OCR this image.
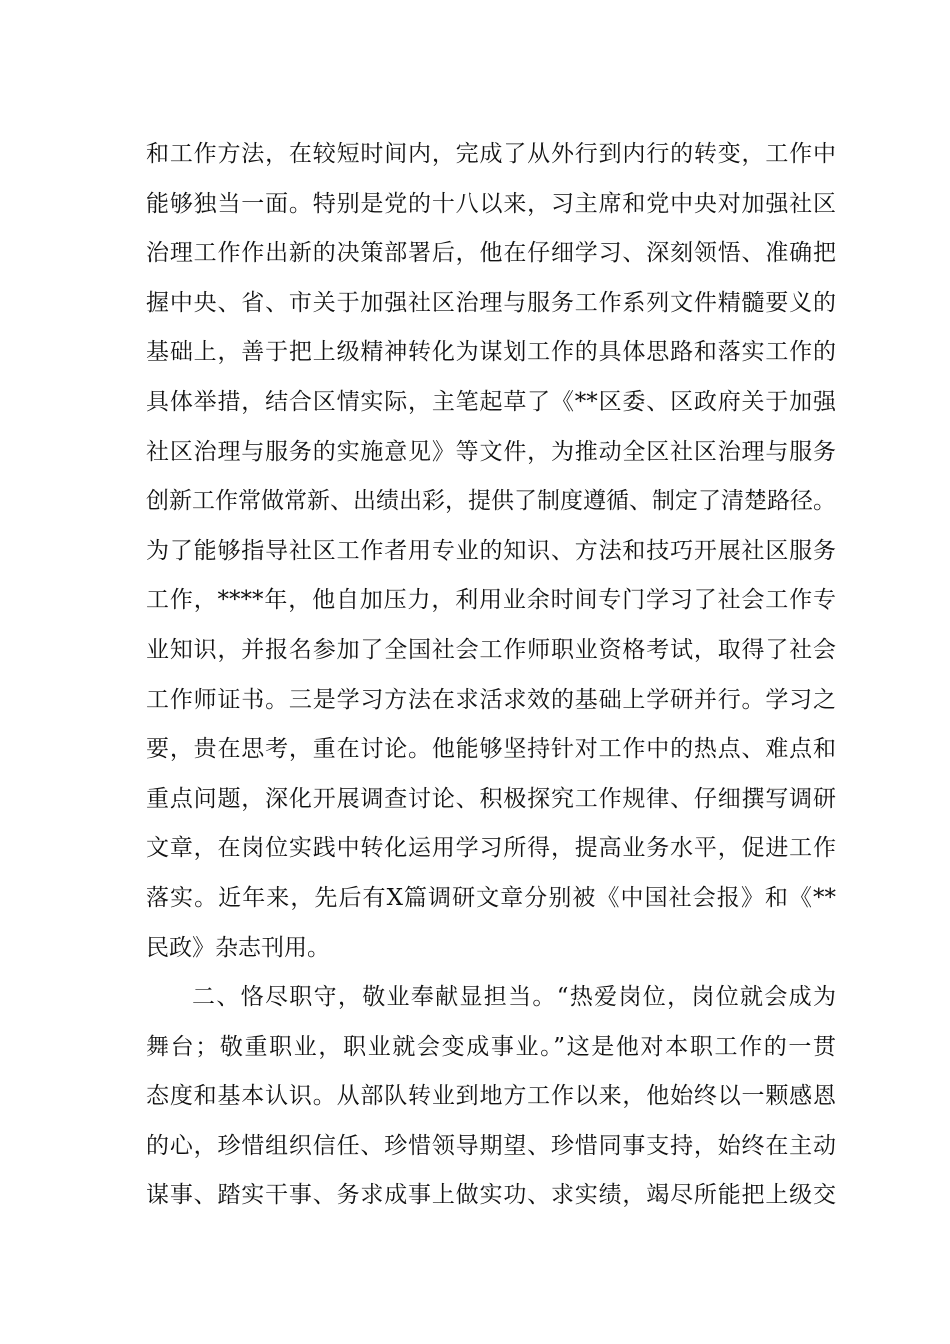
和工作方法，在较短时间内，完成了从外行到内行的转变，工作中
能够独当一面。特别是党的十八以来，习主席和党中央对加强社区
治理工作作出新的决策部署后，他在仔细学习、深刻领悟、准确把
握中央、省、市关于加强社区治理与服务工作系列文件精髓要义的
基础上，善于把上级精神转化为谋划工作的具体思路和落实工作的
具体举措，结合区情实际，主笔起草了《**区委、区政府关于加强
社区治理与服务的实施意见》等文件，为推动全区社区治理与服务
创新工作常做常新、出绩出彩，提供了制度遵循、制定了清楚路径。
为了能够指导社区工作者用专业的知识、方法和技巧开展社区服务
工作，****年，他自加压力，利用业余时间专门学习了社会工作专
业知识，并报名参加了全国社会工作师职业资格考试，取得了社会
工作师证书。三是学习方法在求活求效的基础上学研并行。学习之
要，贵在思考，重在讨论。他能够坚持针对工作中的热点、难点和
重点问题，深化开展调查讨论、积极探究工作规律、仔细撰写调研
文章，在岗位实践中转化运用学习所得，提高业务水平，促进工作
落实。近年来，先后有X篇调研文章分别被《中国社会报》和《**
民政》杂志刊用。
二、恪尽职守，敬业奉献显担当。“热爱岗位，岗位就会成为
舞台；敬重职业，职业就会变成事业。”这是他对本职工作的一贯
态度和基本认识。从部队转业到地方工作以来，他始终以一颗感恩
的心，珍惜组织信任、珍惜领导期望、珍惜同事支持，始终在主动
谋事、踏实干事、务求成事上做实功、求实绩，竭尽所能把上级交
